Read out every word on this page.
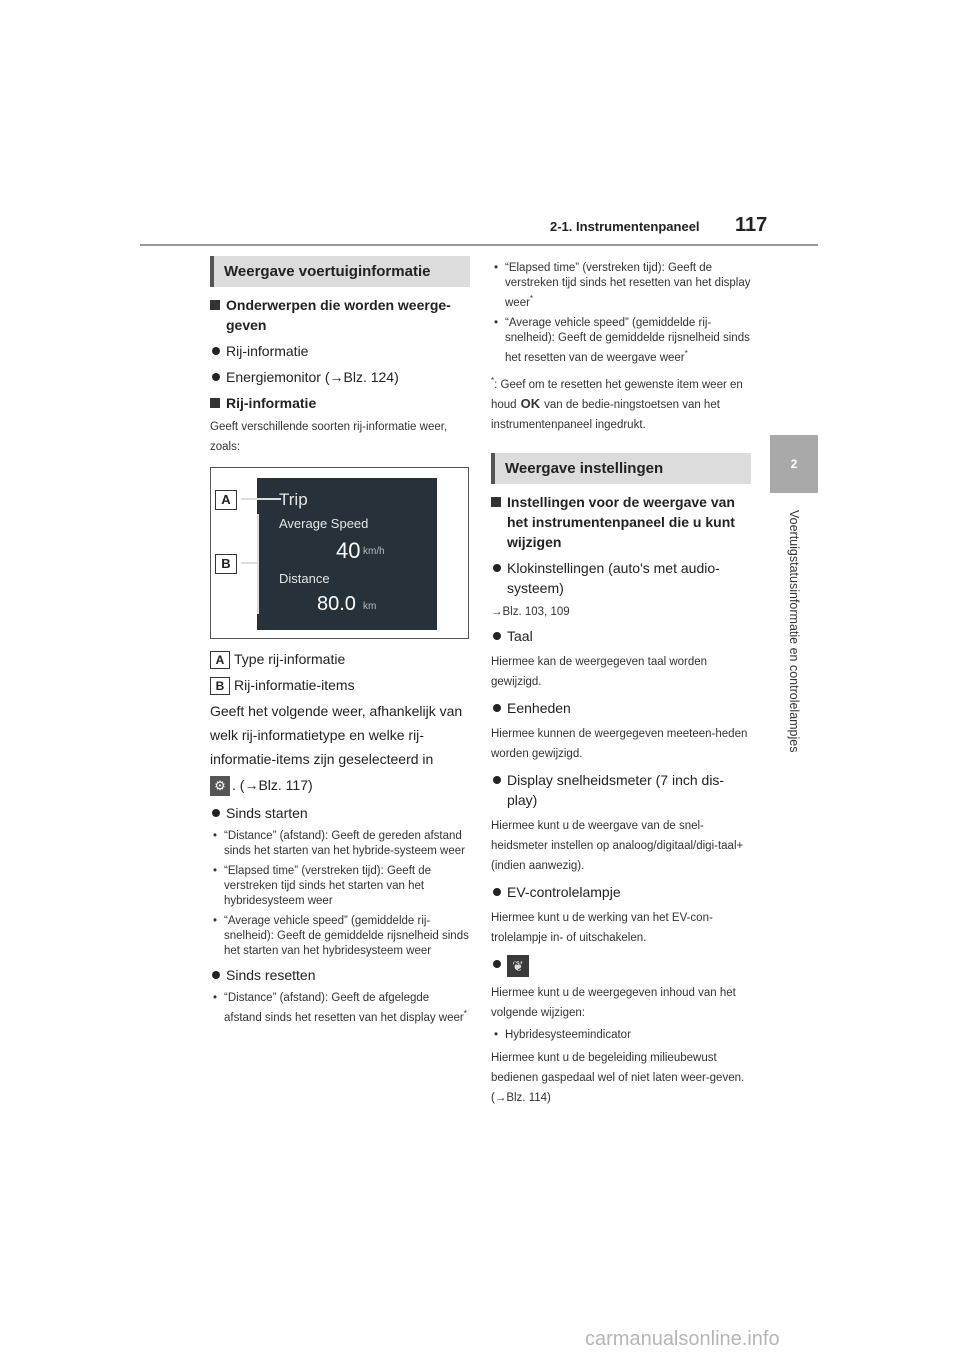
2-1. Instrumentenpaneel 117
2
Voertuigstatusinformatie en controlelampjes
Weergave voertuiginformatie
Onderwerpen die worden weerge-geven
Rij-informatie
Energiemonitor (→Blz. 124)
Rij-informatie
Geeft verschillende soorten rij-informatie weer, zoals:
Trip
Average Speed
40 km/h
Distance
80.0 km
A
B
A Type rij-informatie
B Rij-informatie-items
Geeft het volgende weer, afhankelijk van welk rij-informatietype en welke rij-informatie-items zijn geselecteerd in
⚙ . (→Blz. 117)
Sinds starten
• “Distance” (afstand): Geeft de gereden afstand sinds het starten van het hybride-systeem weer
• “Elapsed time” (verstreken tijd): Geeft de verstreken tijd sinds het starten van het hybridesysteem weer
• “Average vehicle speed” (gemiddelde rij-snelheid): Geeft de gemiddelde rijsnelheid sinds het starten van het hybridesysteem weer
Sinds resetten
• “Distance” (afstand): Geeft de afgelegde afstand sinds het resetten van het display weer*
• “Elapsed time” (verstreken tijd): Geeft de verstreken tijd sinds het resetten van het display weer*
• “Average vehicle speed” (gemiddelde rij-snelheid): Geeft de gemiddelde rijsnelheid sinds het resetten van de weergave weer*
*: Geef om te resetten het gewenste item weer en houd OK van de bedie-ningstoetsen van het instrumentenpaneel ingedrukt.
Weergave instellingen
Instellingen voor de weergave van het instrumentenpaneel die u kunt wijzigen
Klokinstellingen (auto's met audio-systeem)
→Blz. 103, 109
Taal
Hiermee kan de weergegeven taal worden gewijzigd.
Eenheden
Hiermee kunnen de weergegeven meeteen-heden worden gewijzigd.
Display snelheidsmeter (7 inch dis-play)
Hiermee kunt u de weergave van de snel-heidsmeter instellen op analoog/digitaal/digi-taal+ (indien aanwezig).
EV-controlelampje
Hiermee kunt u de werking van het EV-con-trolelampje in- of uitschakelen.
❦
Hiermee kunt u de weergegeven inhoud van het volgende wijzigen:
• Hybridesysteemindicator
Hiermee kunt u de begeleiding milieubewust bedienen gaspedaal wel of niet laten weer-geven. (→Blz. 114)
carmanualsonline.info
